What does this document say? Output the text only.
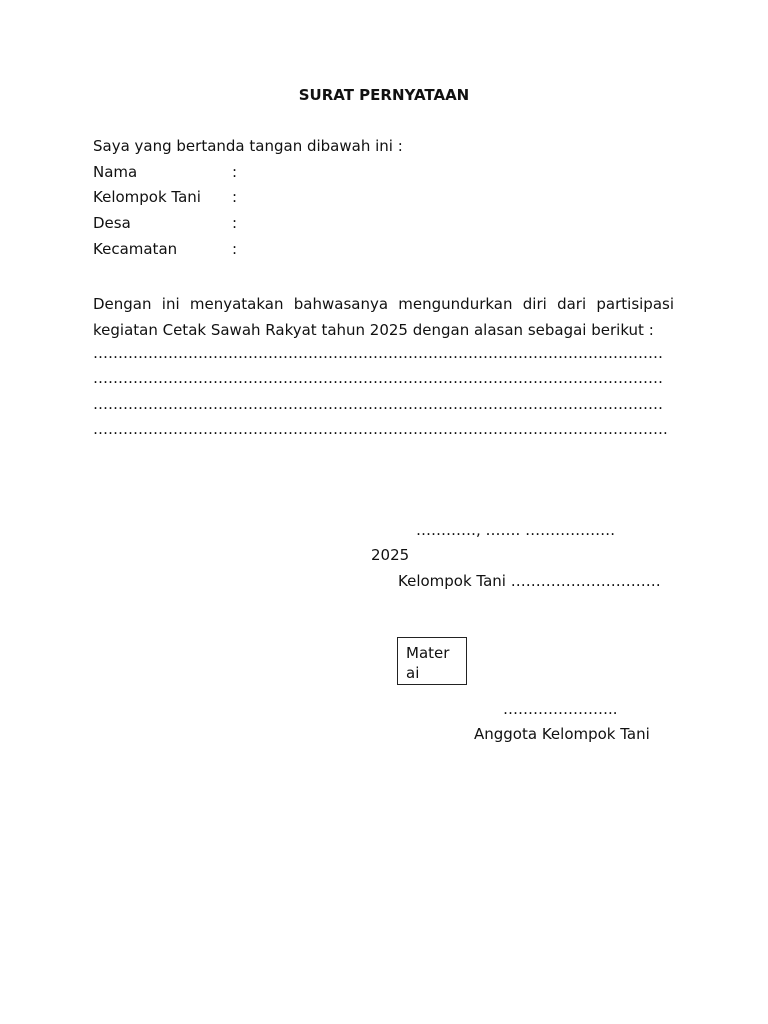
SURAT PERNYATAAN
Saya yang bertanda tangan dibawah ini :
Nama	:
Kelompok Tani :
Desa	:
Kecamatan	:
Dengan ini menyatakan bahwasanya mengundurkan diri dari partisipasi kegiatan Cetak Sawah Rakyat tahun 2025 dengan alasan sebagai berikut :
……………………………………………………………………………………………………
……………………………………………………………………………………………………
……………………………………………………………………………………………………
…………………………………………………………………………………………………….
…………, ……. ………………
2025
Kelompok Tani …………………………
Materai
…………………..
Anggota Kelompok Tani
